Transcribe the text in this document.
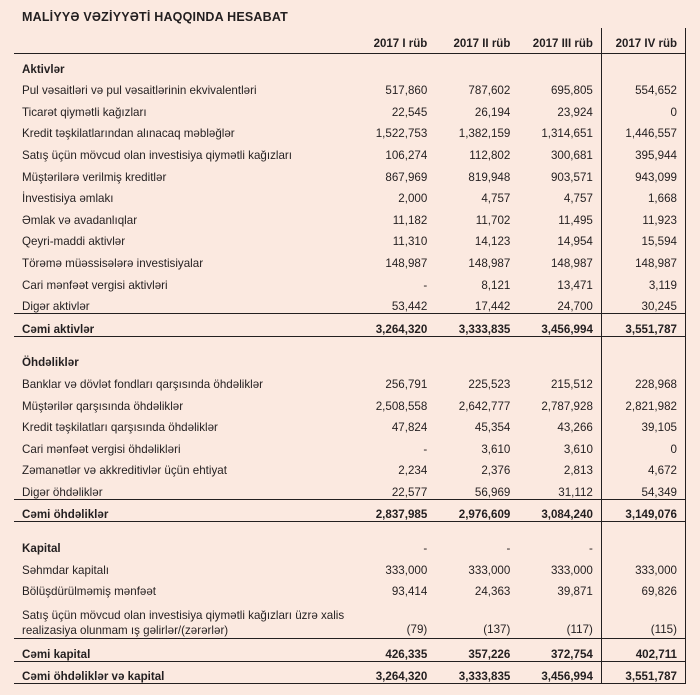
MALİYYƏ VƏZİYYƏTİ HAQQINDA HESABAT
	2017 I rüb	2017 II rüb	2017 III rüb	2017 IV rüb
Aktivlər				
Pul vəsaitləri və pul vəsaitlərinin ekvivalentləri	517,860	787,602	695,805	554,652
Ticarət qiymətli kağızları	22,545	26,194	23,924	0
Kredit təşkilatlarından alınacaq məbləğlər	1,522,753	1,382,159	1,314,651	1,446,557
Satış üçün mövcud olan investisiya qiymətli kağızları	106,274	112,802	300,681	395,944
Müştərilərə verilmiş kreditlər	867,969	819,948	903,571	943,099
İnvestisiya əmlakı	2,000	4,757	4,757	1,668
Əmlak və avadanlıqlar	11,182	11,702	11,495	11,923
Qeyri-maddi aktivlər	11,310	14,123	14,954	15,594
Törəmə müəssisələrə investisiyalar	148,987	148,987	148,987	148,987
Cari mənfəət vergisi aktivləri	-	8,121	13,471	3,119
Digər aktivlər	53,442	17,442	24,700	30,245
Cəmi aktivlər	3,264,320	3,333,835	3,456,994	3,551,787

Öhdəliklər				
Banklar və dövlət fondları qarşısında öhdəliklər	256,791	225,523	215,512	228,968
Müştərilər qarşısında öhdəliklər	2,508,558	2,642,777	2,787,928	2,821,982
Kredit təşkilatları qarşısında öhdəliklər	47,824	45,354	43,266	39,105
Cari mənfəət vergisi öhdəlikləri	-	3,610	3,610	0
Zəmanətlər və akkreditivlər üçün ehtiyat	2,234	2,376	2,813	4,672
Digər öhdəliklər	22,577	56,969	31,112	54,349
Cəmi öhdəliklər	2,837,985	2,976,609	3,084,240	3,149,076

Kapital	-	-	-	
Səhmdar kapitalı	333,000	333,000	333,000	333,000
Bölüşdürülməmiş mənfəət	93,414	24,363	39,871	69,826
Satış üçün mövcud olan investisiya qiymətli kağızları üzrə xalis realizasiya olunmam ış gəlirlər/(zərərlər)	(79)	(137)	(117)	(115)
Cəmi kapital	426,335	357,226	372,754	402,711
Cəmi öhdəliklər və kapital	3,264,320	3,333,835	3,456,994	3,551,787
